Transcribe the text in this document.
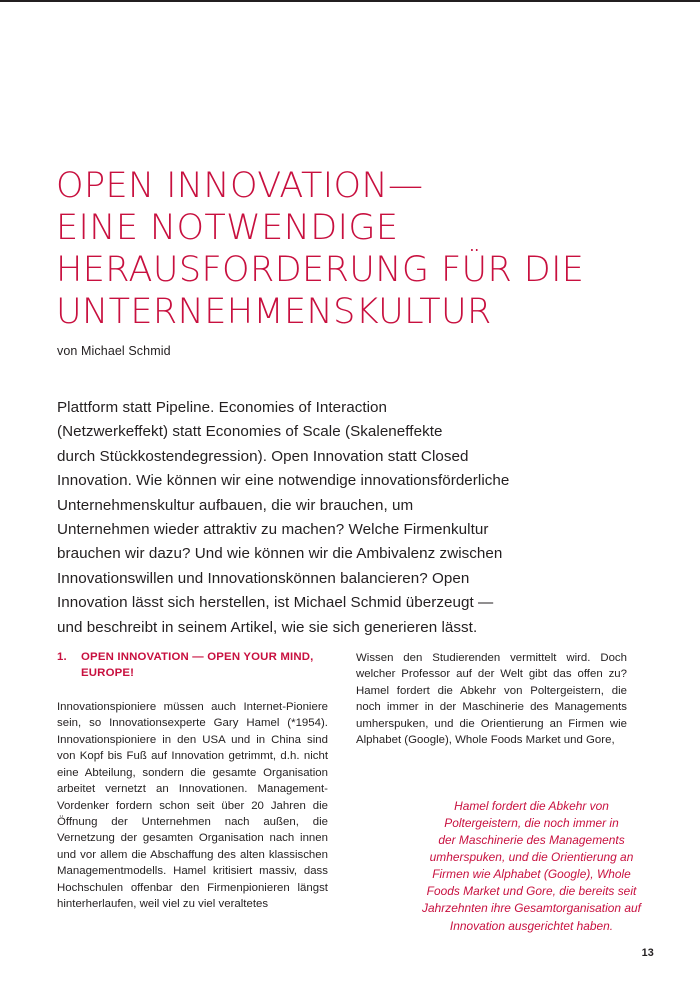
OPEN INNOVATION—
EINE NOTWENDIGE
HERAUSFORDERUNG FÜR DIE
UNTERNEHMENSKULTUR
von Michael Schmid
Plattform statt Pipeline. Economies of Interaction
(Netzwerkeffekt) statt Economies of Scale (Skaleneffekte
durch Stückkostendegression). Open Innovation statt Closed
Innovation. Wie können wir eine notwendige innovationsförderliche
Unternehmenskultur aufbauen, die wir brauchen, um
Unternehmen wieder attraktiv zu machen? Welche Firmenkultur
brauchen wir dazu? Und wie können wir die Ambivalenz zwischen
Innovationswillen und Innovationskönnen balancieren? Open
Innovation lässt sich herstellen, ist Michael Schmid überzeugt —
und beschreibt in seinem Artikel, wie sie sich generieren lässt.
1. OPEN INNOVATION — OPEN YOUR MIND, EUROPE!

Innovationspioniere müssen auch Internet-Pioniere sein, so Innovationsexperte Gary Hamel (*1954). Innovationspioniere in den USA und in China sind von Kopf bis Fuß auf Innovation getrimmt, d.h. nicht eine Abteilung, sondern die gesamte Organisation arbeitet vernetzt an Innovationen. Management-Vordenker fordern schon seit über 20 Jahren die Öffnung der Unternehmen nach außen, die Vernetzung der gesamten Organisation nach innen und vor allem die Abschaffung des alten klassischen Managementmodells. Hamel kritisiert massiv, dass Hochschulen offenbar den Firmenpionieren längst hinterherlaufen, weil viel zu viel veraltetes

Wissen den Studierenden vermittelt wird. Doch welcher Professor auf der Welt gibt das offen zu? Hamel fordert die Abkehr von Poltergeistern, die noch immer in der Maschinerie des Managements umherspuken, und die Orientierung an Firmen wie Alphabet (Google), Whole Foods Market und Gore,

Hamel fordert die Abkehr von
Poltergeistern, die noch immer in
der Maschinerie des Managements
umherspuken, und die Orientierung an
Firmen wie Alphabet (Google), Whole
Foods Market und Gore, die bereits seit
Jahrzehnten ihre Gesamtorganisation auf
Innovation ausgerichtet haben.
13
